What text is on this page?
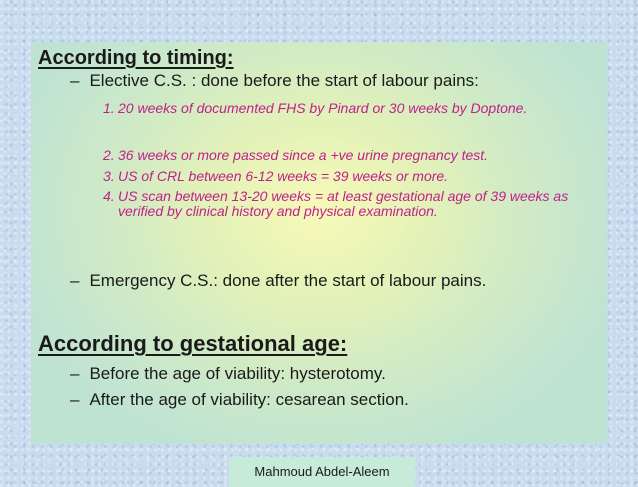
According to timing:
– Elective C.S. : done before the start of labour pains:
1. 20 weeks of documented FHS by Pinard or 30 weeks by Doptone.
2. 36 weeks or more passed since a +ve urine pregnancy test.
3. US of CRL between 6-12 weeks = 39 weeks or more.
4. US scan between 13-20 weeks = at least gestational age of 39 weeks as verified by clinical history and physical examination.
– Emergency C.S.: done after the start of labour pains.
According to gestational age:
– Before the age of viability: hysterotomy.
– After the age of viability: cesarean section.
Mahmoud Abdel-Aleem
